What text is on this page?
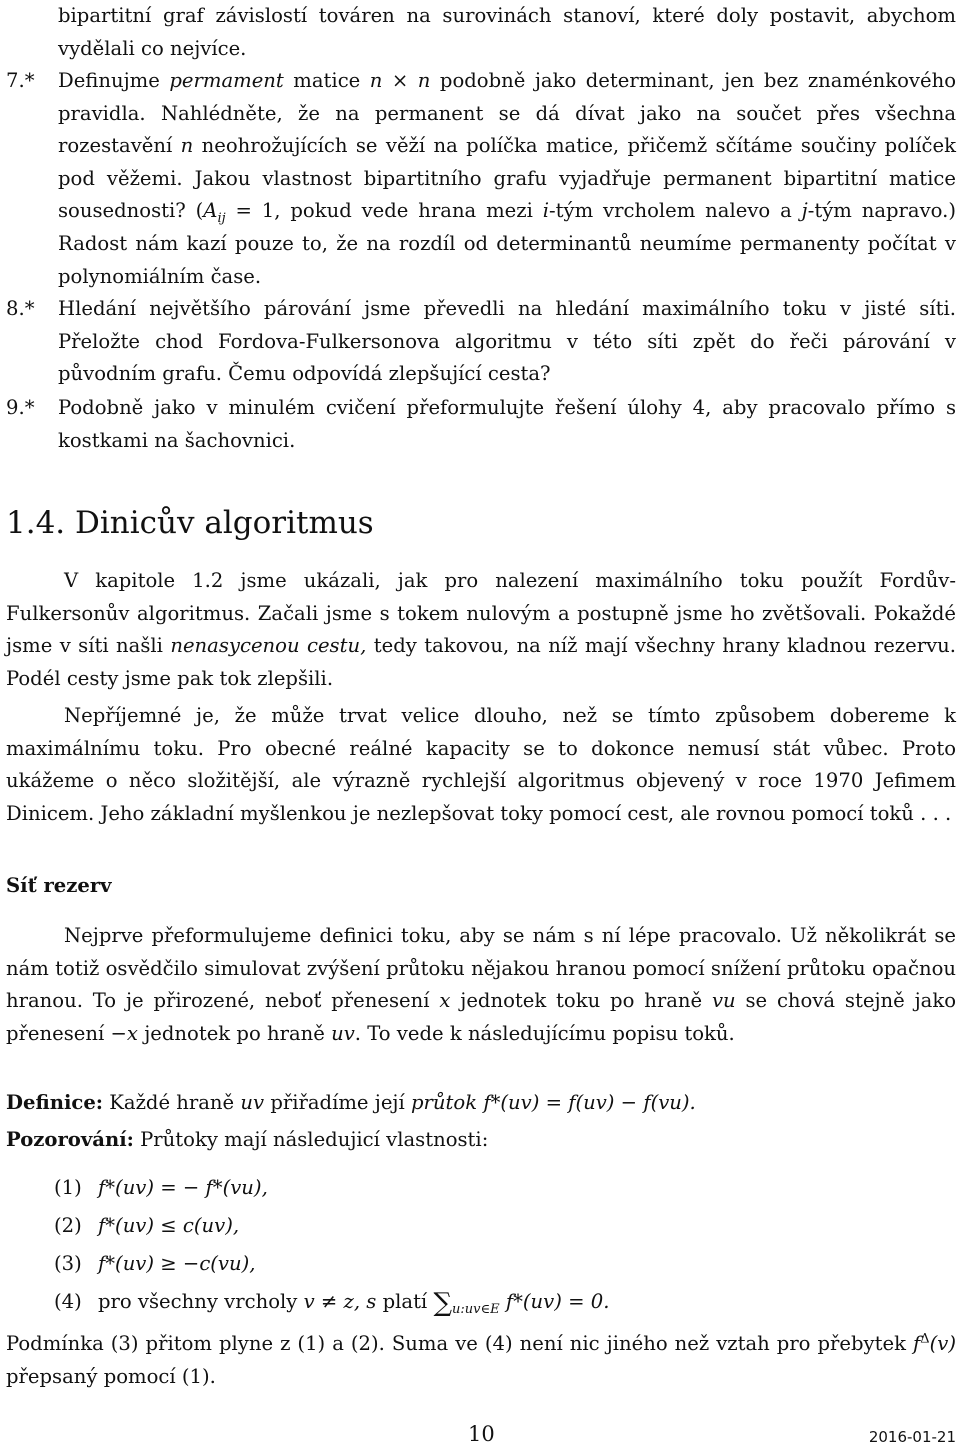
bipartitní graf závislostí továren na surovinách stanoví, které doly postavit, abychom vydělali co nejvíce.
7.* Definujme permament matice n × n podobně jako determinant, jen bez znaménkového pravidla. Nahlédněte, že na permanent se dá dívat jako na součet přes všechna rozestavění n neohrožujících se věží na políčka matice, přičemž sčítáme součiny políček pod věžemi. Jakou vlastnost bipartitního grafu vyjadřuje permanent bipartitní matice sousednosti? ($A_{ij} = 1$, pokud vede hrana mezi i-tým vrcholem nalevo a j-tým napravo.) Radost nám kazí pouze to, že na rozdíl od determinantů neumíme permanenty počítat v polynomiálním čase.
8.* Hledání největšího párování jsme převedli na hledání maximálního toku v jisté síti. Přeložte chod Fordova-Fulkersonova algoritmu v této síti zpět do řeči párování v původním grafu. Čemu odpovídá zlepšující cesta?
9.* Podobně jako v minulém cvičení přeformulujte řešení úlohy 4, aby pracovalo přímo s kostkami na šachovnici.
1.4. Dinicův algoritmus

V kapitole 1.2 jsme ukázali, jak pro nalezení maximálního toku použít Fordův-Fulkersonův algoritmus. Začali jsme s tokem nulovým a postupně jsme ho zvětšovali. Pokaždé jsme v síti našli nenasycenou cestu, tedy takovou, na níž mají všechny hrany kladnou rezervu. Podél cesty jsme pak tok zlepšili.

Nepříjemné je, že může trvat velice dlouho, než se tímto způsobem dobereme k maximálnímu toku. Pro obecné reálné kapacity se to dokonce nemusí stát vůbec. Proto ukážeme o něco složitější, ale výrazně rychlejší algoritmus objevený v roce 1970 Jefimem Dinicem. Jeho základní myšlenkou je nezlepšovat toky pomocí cest, ale rovnou pomocí toků . . .

Síť rezerv

Nejprve přeformulujeme definici toku, aby se nám s ní lépe pracovalo. Už několikrát se nám totiž osvědčilo simulovat zvýšení průtoku nějakou hranou pomocí snížení průtoku opačnou hranou. To je přirozené, neboť přenesení x jednotek toku po hraně vu se chová stejně jako přenesení −x jednotek po hraně uv. To vede k následujícímu popisu toků.

Definice: Každé hraně uv přiřadíme její průtok f*(uv) = f(uv) − f(vu).

Pozorování: Průtoky mají následujicí vlastnosti:

(1) f*(uv) = − f*(vu),
(2) f*(uv) ≤ c(uv),
(3) f*(uv) ≥ −c(vu),
(4) pro všechny vrcholy v ≠ z, s platí $\sum_{u:uv\in E}$ f*(uv) = 0.

Podmínka (3) přitom plyne z (1) a (2). Suma ve (4) není nic jiného než vztah pro přebytek $f^\Delta(v)$ přepsaný pomocí (1).

10	2016-01-21
